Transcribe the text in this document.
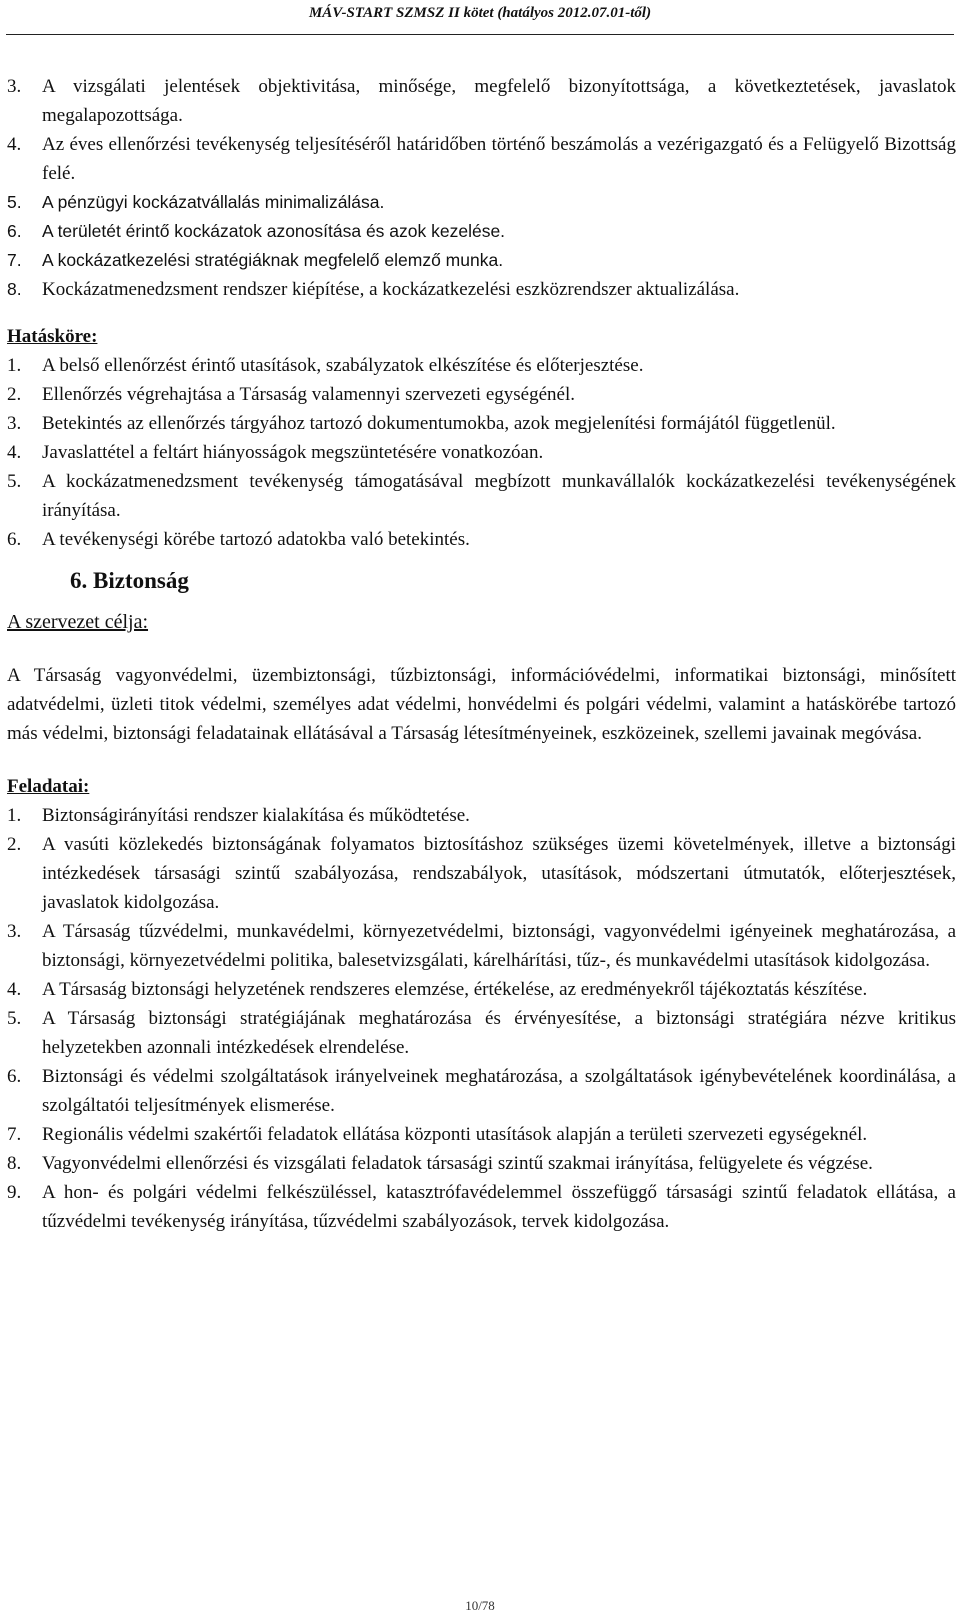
MÁV-START SZMSZ II kötet (hatályos 2012.07.01-től)
3.	A vizsgálati jelentések objektivitása, minősége, megfelelő bizonyítottsága, a következtetések, javaslatok megalapozottsága.
4.	Az éves ellenőrzési tevékenység teljesítéséről határidőben történő beszámolás a vezérigazgató és a Felügyelő Bizottság felé.
5.	A pénzügyi kockázatvállalás minimalizálása.
6.	A területét érintő kockázatok azonosítása és azok kezelése.
7.	A kockázatkezelési stratégiáknak megfelelő elemző munka.
8.	Kockázatmenedzsment rendszer kiépítése, a kockázatkezelési eszközrendszer aktualizálása.
Hatásköre:
1.	A belső ellenőrzést érintő utasítások, szabályzatok elkészítése és előterjesztése.
2.	Ellenőrzés végrehajtása a Társaság valamennyi szervezeti egységénél.
3.	Betekintés az ellenőrzés tárgyához tartozó dokumentumokba, azok megjelenítési formájától függetlenül.
4.	Javaslattétel a feltárt hiányosságok megszüntetésére vonatkozóan.
5.	A kockázatmenedzsment tevékenység támogatásával megbízott munkavállalók kockázatkezelési tevékenységének irányítása.
6.	A tevékenységi körébe tartozó adatokba való betekintés.
6. Biztonság
A szervezet célja:
A Társaság vagyonvédelmi, üzembiztonsági, tűzbiztonsági, információvédelmi, informatikai biztonsági, minősített adatvédelmi, üzleti titok védelmi, személyes adat védelmi, honvédelmi és polgári védelmi, valamint a hatáskörébe tartozó más védelmi, biztonsági feladatainak ellátásával a Társaság létesítményeinek, eszközeinek, szellemi javainak megóvása.
Feladatai:
1.	Biztonságirányítási rendszer kialakítása és működtetése.
2.	A vasúti közlekedés biztonságának folyamatos biztosításhoz szükséges üzemi követelmények, illetve a biztonsági intézkedések társasági szintű szabályozása, rendszabályok, utasítások, módszertani útmutatók, előterjesztések, javaslatok kidolgozása.
3.	A Társaság tűzvédelmi, munkavédelmi, környezetvédelmi, biztonsági, vagyonvédelmi igényeinek meghatározása, a biztonsági, környezetvédelmi politika, balesetvizsgálati, kárelhárítási, tűz-, és munkavédelmi utasítások kidolgozása.
4.	A Társaság biztonsági helyzetének rendszeres elemzése, értékelése, az eredményekről tájékoztatás készítése.
5.	A Társaság biztonsági stratégiájának meghatározása és érvényesítése, a biztonsági stratégiára nézve kritikus helyzetekben azonnali intézkedések elrendelése.
6.	Biztonsági és védelmi szolgáltatások irányelveinek meghatározása, a szolgáltatások igénybevételének koordinálása, a szolgáltatói teljesítmények elismerése.
7.	Regionális védelmi szakértői feladatok ellátása központi utasítások alapján a területi szervezeti egységeknél.
8.	Vagyonvédelmi ellenőrzési és vizsgálati feladatok társasági szintű szakmai irányítása, felügyelete és végzése.
9.	A hon- és polgári védelmi felkészüléssel, katasztrófavédelemmel összefüggő társasági szintű feladatok ellátása, a tűzvédelmi tevékenység irányítása, tűzvédelmi szabályozások, tervek kidolgozása.
10/78
